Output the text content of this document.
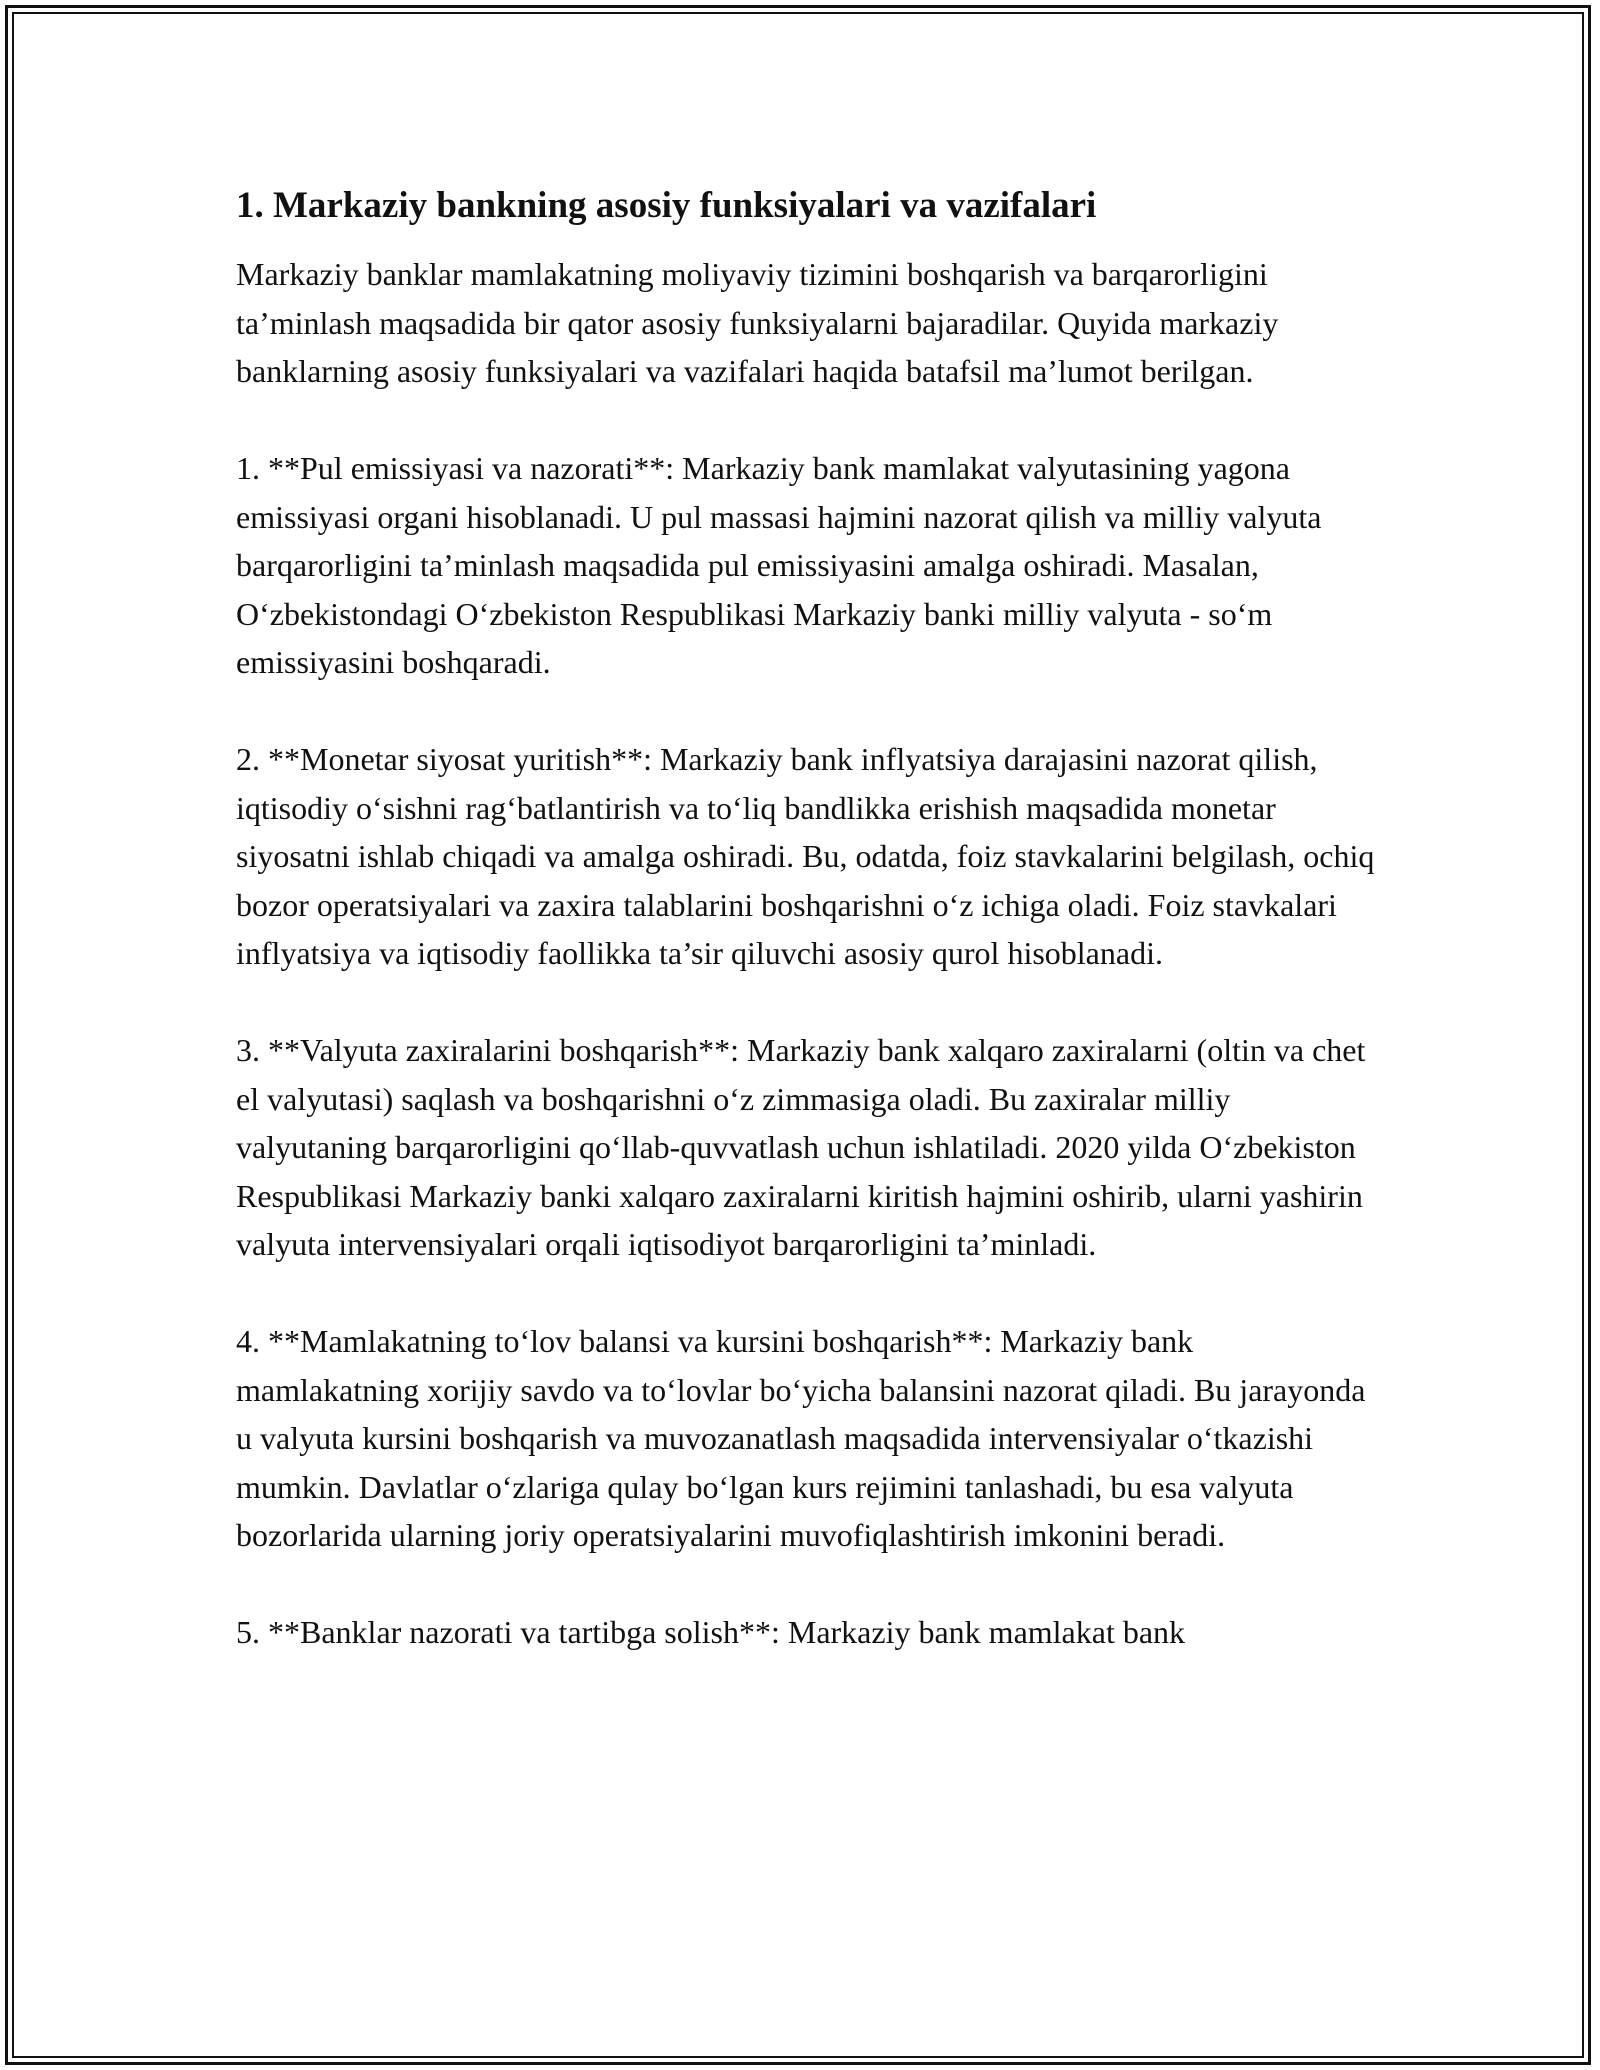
1. Markaziy bankning asosiy funksiyalari va vazifalari

Markaziy banklar mamlakatning moliyaviy tizimini boshqarish va barqarorligini ta’minlash maqsadida bir qator asosiy funksiyalarni bajaradilar. Quyida markaziy banklarning asosiy funksiyalari va vazifalari haqida batafsil ma’lumot berilgan.

1. **Pul emissiyasi va nazorati**: Markaziy bank mamlakat valyutasining yagona emissiyasi organi hisoblanadi. U pul massasi hajmini nazorat qilish va milliy valyuta barqarorligini ta’minlash maqsadida pul emissiyasini amalga oshiradi. Masalan, O‘zbekistondagi O‘zbekiston Respublikasi Markaziy banki milliy valyuta - so‘m emissiyasini boshqaradi.

2. **Monetar siyosat yuritish**: Markaziy bank inflyatsiya darajasini nazorat qilish, iqtisodiy o‘sishni rag‘batlantirish va to‘liq bandlikka erishish maqsadida monetar siyosatni ishlab chiqadi va amalga oshiradi. Bu, odatda, foiz stavkalarini belgilash, ochiq bozor operatsiyalari va zaxira talablarini boshqarishni o‘z ichiga oladi. Foiz stavkalari inflyatsiya va iqtisodiy faollikka ta’sir qiluvchi asosiy qurol hisoblanadi.

3. **Valyuta zaxiralarini boshqarish**: Markaziy bank xalqaro zaxiralarni (oltin va chet el valyutasi) saqlash va boshqarishni o‘z zimmasiga oladi. Bu zaxiralar milliy valyutaning barqarorligini qo‘llab-quvvatlash uchun ishlatiladi. 2020 yilda O‘zbekiston Respublikasi Markaziy banki xalqaro zaxiralarni kiritish hajmini oshirib, ularni yashirin valyuta intervensiyalari orqali iqtisodiyot barqarorligini ta’minladi.

4. **Mamlakatning to‘lov balansi va kursini boshqarish**: Markaziy bank mamlakatning xorijiy savdo va to‘lovlar bo‘yicha balansini nazorat qiladi. Bu jarayonda u valyuta kursini boshqarish va muvozanatlash maqsadida intervensiyalar o‘tkazishi mumkin. Davlatlar o‘zlariga qulay bo‘lgan kurs rejimini tanlashadi, bu esa valyuta bozorlarida ularning joriy operatsiyalarini muvofiqlashtirish imkonini beradi.

5. **Banklar nazorati va tartibga solish**: Markaziy bank mamlakat bank
